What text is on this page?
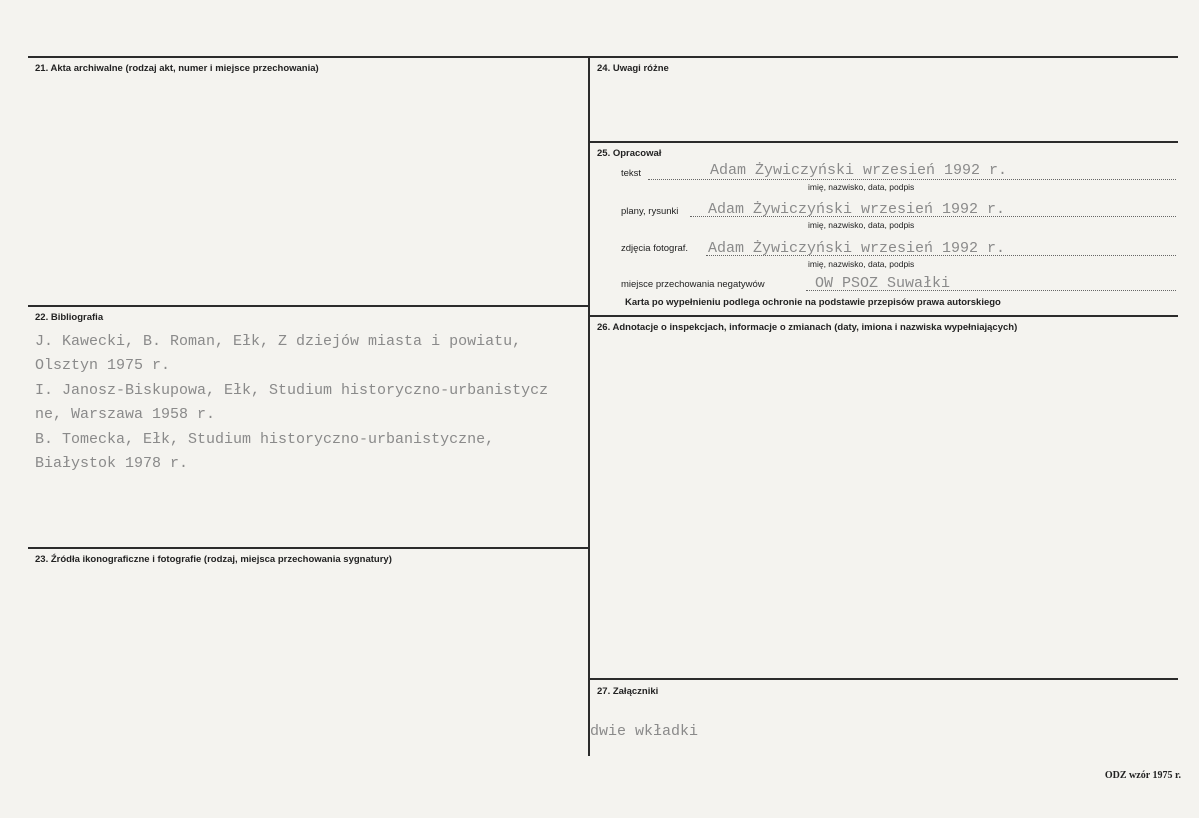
21. Akta archiwalne (rodzaj akt, numer i miejsce przechowania)
22. Bibliografia
J. Kawecki, B. Roman, Ełk, Z dziejów miasta i powiatu,
Olsztyn 1975 r.
I. Janosz-Biskupowa, Ełk, Studium historyczno-urbanistycz
ne, Warszawa 1958 r.
B. Tomecka, Ełk, Studium historyczno-urbanistyczne,
Białystok 1978 r.
23. Źródła ikonograficzne i fotografie (rodzaj, miejsca przechowania sygnatury)
24. Uwagi różne
25. Opracował
tekst	Adam Żywiczyński wrzesień 1992 r.
imię, nazwisko, data, podpis
plany, rysunki Adam Żywiczyński wrzesień 1992 r.
imię, nazwisko, data, podpis
zdjęcia fotograf. Adam Żywiczyński wrzesień 1992 r.
imię, nazwisko, data, podpis
miejsce przechowania negatywów	OW PSOZ Suwałki
Karta po wypełnieniu podlega ochronie na podstawie przepisów prawa autorskiego
26. Adnotacje o inspekcjach, informacje o zmianach (daty, imiona i nazwiska wypełniających)
27. Załączniki
dwie wkładki
ODZ wzór 1975 r.
